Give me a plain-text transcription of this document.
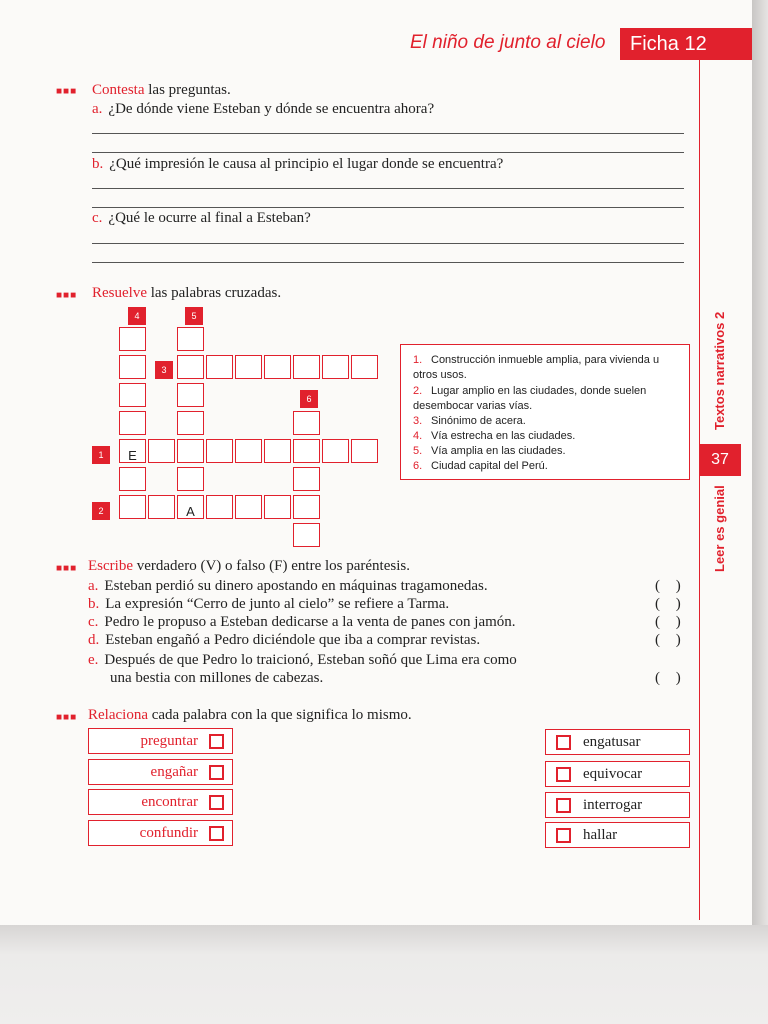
El niño de junto al cielo	Ficha 12
Textos narrativos 2
37
Leer es genial
■■■ Contesta las preguntas.
a. ¿De dónde viene Esteban y dónde se encuentra ahora?
b. ¿Qué impresión le causa al principio el lugar donde se encuentra?
c. ¿Qué le ocurre al final a Esteban?
■■■ Resuelve las palabras cruzadas.
4	5
3
6
1
2
E
A
1. Construcción inmueble amplia, para vivienda u otros usos.
2. Lugar amplio en las ciudades, donde suelen desembocar varias vías.
3. Sinónimo de acera.
4. Vía estrecha en las ciudades.
5. Vía amplia en las ciudades.
6. Ciudad capital del Perú.
■■■ Escribe verdadero (V) o falso (F) entre los paréntesis.
a. Esteban perdió su dinero apostando en máquinas tragamonedas.	( )
b. La expresión “Cerro de junto al cielo” se refiere a Tarma.	( )
c. Pedro le propuso a Esteban dedicarse a la venta de panes con jamón.	( )
d. Esteban engañó a Pedro diciéndole que iba a comprar revistas.	( )
e. Después de que Pedro lo traicionó, Esteban soñó que Lima era como
una bestia con millones de cabezas.	( )
■■■ Relaciona cada palabra con la que significa lo mismo.
preguntar
engañar
encontrar
confundir
engatusar
equivocar
interrogar
hallar
